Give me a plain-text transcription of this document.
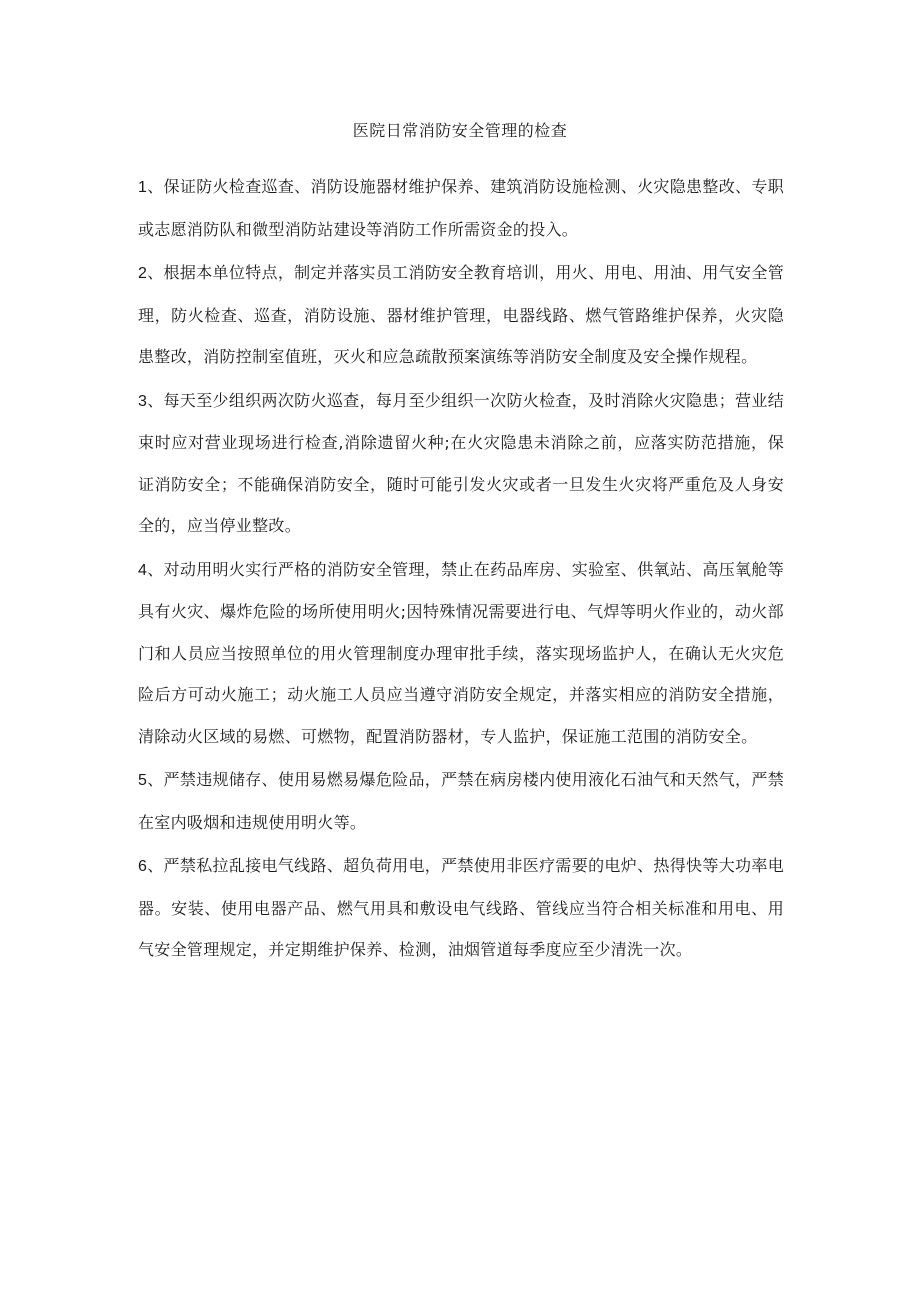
医院日常消防安全管理的检查

1、保证防火检查巡查、消防设施器材维护保养、建筑消防设施检测、火灾隐患整改、专职或志愿消防队和微型消防站建设等消防工作所需资金的投入。

2、根据本单位特点，制定并落实员工消防安全教育培训，用火、用电、用油、用气安全管理，防火检查、巡查，消防设施、器材维护管理，电器线路、燃气管路维护保养，火灾隐患整改，消防控制室值班，灭火和应急疏散预案演练等消防安全制度及安全操作规程。

3、每天至少组织两次防火巡查，每月至少组织一次防火检查，及时消除火灾隐患；营业结束时应对营业现场进行检查,消除遗留火种;在火灾隐患未消除之前，应落实防范措施，保证消防安全；不能确保消防安全，随时可能引发火灾或者一旦发生火灾将严重危及人身安全的，应当停业整改。

4、对动用明火实行严格的消防安全管理，禁止在药品库房、实验室、供氧站、高压氧舱等具有火灾、爆炸危险的场所使用明火;因特殊情况需要进行电、气焊等明火作业的，动火部门和人员应当按照单位的用火管理制度办理审批手续，落实现场监护人，在确认无火灾危险后方可动火施工；动火施工人员应当遵守消防安全规定，并落实相应的消防安全措施，清除动火区域的易燃、可燃物，配置消防器材，专人监护，保证施工范围的消防安全。

5、严禁违规储存、使用易燃易爆危险品，严禁在病房楼内使用液化石油气和天然气，严禁在室内吸烟和违规使用明火等。

6、严禁私拉乱接电气线路、超负荷用电，严禁使用非医疗需要的电炉、热得快等大功率电器。安装、使用电器产品、燃气用具和敷设电气线路、管线应当符合相关标准和用电、用气安全管理规定，并定期维护保养、检测，油烟管道每季度应至少清洗一次。
